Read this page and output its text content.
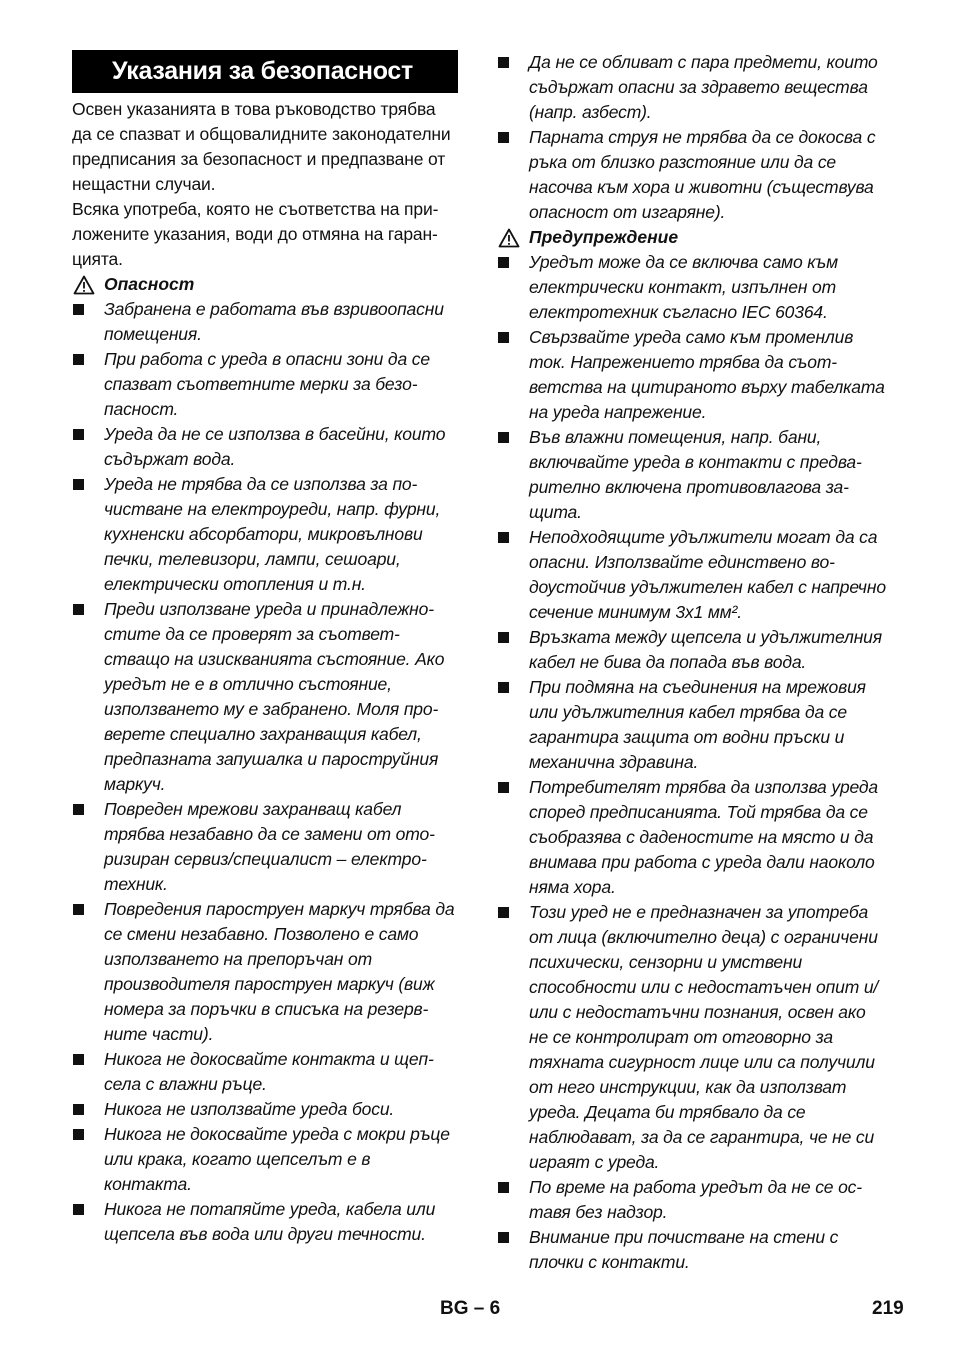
Указания за безопасност

Освен указанията в това ръководство трябва да се спазват и общовалидните законодателни предписания за безопасност и предпазване от нещастни случаи.

Всяка употреба, която не съответства на приложените указания, води до отмяна на гаранцията.

Опасност
Забранена е работата във взривоопасни помещения.
При работа с уреда в опасни зони да се спазват съответните мерки за безопасност.
Уреда да не се използва в басейни, които съдържат вода.
Уреда не трябва да се използва за почистване на електроуреди, напр. фурни, кухненски абсорбатори, микровълнови печки, телевизори, лампи, сешоари, електрически отопления и т.н.
Преди използване уреда и принадлежностите да се проверят за съответстващо на изискванията състояние. Ако уредът не е в отлично състояние, използването му е забранено. Моля проверете специално захранващия кабел, предпазната запушалка и пароструйния маркуч.
Повреден мрежови захранващ кабел трябва незабавно да се замени от оторизиран сервиз/специалист – електротехник.
Повредения пароструен маркуч трябва да се смени незабавно. Позволено е само използването на препоръчан от производителя пароструен маркуч (виж номера за поръчки в списъка на резервните части).
Никога не докосвайте контакта и щепсела с влажни ръце.
Никога не използвайте уреда боси.
Никога не докосвайте уреда с мокри ръце или крака, когато щепселът е в контакта.
Никога не потапяйте уреда, кабела или щепсела във вода или други течности.
Да не се обливат с пара предмети, които съдържат опасни за здравето вещества (напр. азбест).
Парната струя не трябва да се докосва с ръка от близко разстояние или да се насочва към хора и животни (съществува опасност от изгаряне).
Предупреждение
Уредът може да се включва само към електрически контакт, изпълнен от електротехник съгласно IEC 60364.
Свързвайте уреда само към променлив ток. Напрежението трябва да съответства на цитираното върху табелката на уреда напрежение.
Във влажни помещения, напр. бани, включвайте уреда в контакти с предварително включена противовлагова защита.
Неподходящите удължители могат да са опасни. Използвайте единствено водоустойчив удължителен кабел с напречно сечение минимум 3x1 мм².
Връзката между щепсела и удължителния кабел не бива да попада във вода.
При подмяна на съединения на мрежовия или удължителния кабел трябва да се гарантира защита от водни пръски и механична здравина.
Потребителят трябва да използва уреда според предписанията. Той трябва да се съобразява с даденостите на място и да внимава при работа с уреда дали наоколо няма хора.
Този уред не е предназначен за употреба от лица (включително деца) с ограничени психически, сензорни и умствени способности или с недостатъчен опит и/или с недостатъчни познания, освен ако не се контролират от отговорно за тяхната сигурност лице или са получили от него инструкции, как да използват уреда. Децата би трябвало да се наблюдават, за да се гарантира, че не си играят с уреда.
По време на работа уредът да не се оставя без надзор.
Внимание при почистване на стени с плочки с контакти.
BG – 6	219
